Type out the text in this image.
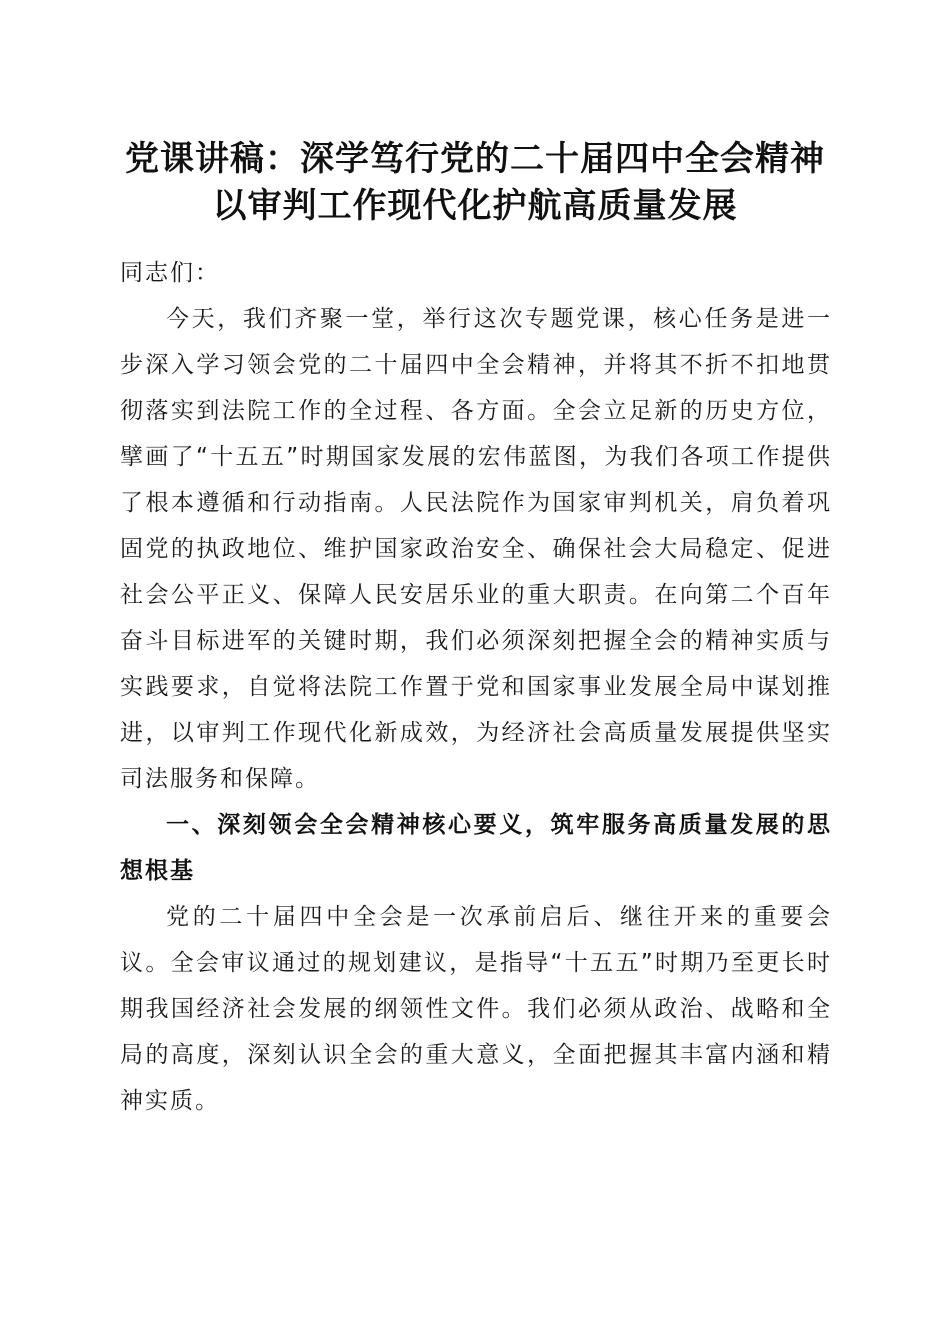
党课讲稿：深学笃行党的二十届四中全会精神
以审判工作现代化护航高质量发展

同志们：

今天，我们齐聚一堂，举行这次专题党课，核心任务是进一步深入学习领会党的二十届四中全会精神，并将其不折不扣地贯彻落实到法院工作的全过程、各方面。全会立足新的历史方位，擘画了“十五五”时期国家发展的宏伟蓝图，为我们各项工作提供了根本遵循和行动指南。人民法院作为国家审判机关，肩负着巩固党的执政地位、维护国家政治安全、确保社会大局稳定、促进社会公平正义、保障人民安居乐业的重大职责。在向第二个百年奋斗目标进军的关键时期，我们必须深刻把握全会的精神实质与实践要求，自觉将法院工作置于党和国家事业发展全局中谋划推进，以审判工作现代化新成效，为经济社会高质量发展提供坚实司法服务和保障。

一、深刻领会全会精神核心要义，筑牢服务高质量发展的思想根基

党的二十届四中全会是一次承前启后、继往开来的重要会议。全会审议通过的规划建议，是指导“十五五”时期乃至更长时期我国经济社会发展的纲领性文件。我们必须从政治、战略和全局的高度，深刻认识全会的重大意义，全面把握其丰富内涵和精神实质。
